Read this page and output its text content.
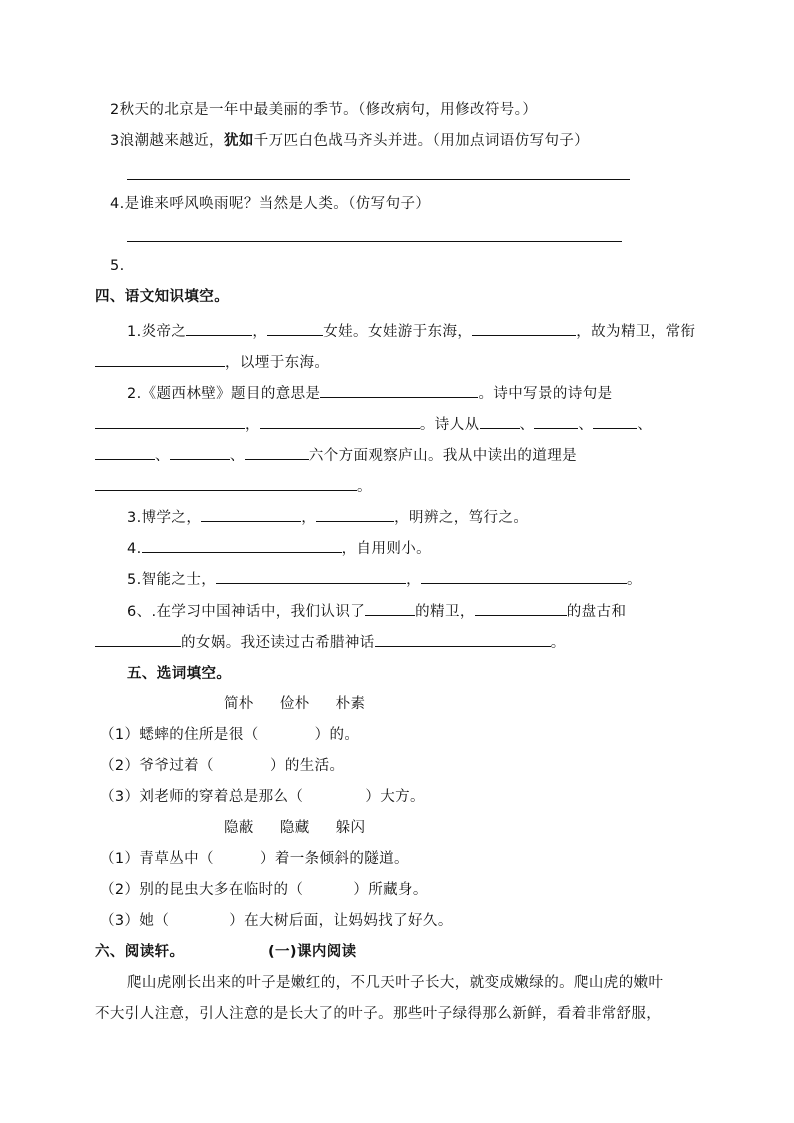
2秋天的北京是一年中最美丽的季节。（修改病句，用修改符号。）
3浪潮越来越近，犹如千万匹白色战马齐头并进。（用加点词语仿写句子）
4.是谁来呼风唤雨呢？当然是人类。（仿写句子）
5.
四、语文知识填空。
1.炎帝之	，	女娃。女娃游于东海，	，故为精卫，常衔
，以堙于东海。
2.《题西林壁》题目的意思是	。诗中写景的诗句是
，	。诗人从	、	、	、
、	、	六个方面观察庐山。我从中读出的道理是
。
3.博学之，	，	，明辨之，笃行之。
4.	，自用则小。
5.智能之士，	，	。
6、.在学习中国神话中，我们认识了	的精卫，	的盘古和
的女娲。我还读过古希腊神话	。
五、选词填空。
简朴 俭朴 朴素
（1）蟋蟀的住所是很（	）的。
（2）爷爷过着（	）的生活。
（3）刘老师的穿着总是那么（	）大方。
隐蔽 隐藏 躲闪
（1）青草丛中（	）着一条倾斜的隧道。
（2）别的昆虫大多在临时的（	）所藏身。
（3）她（	）在大树后面，让妈妈找了好久。
六、阅读轩。	(一)课内阅读
爬山虎刚长出来的叶子是嫩红的，不几天叶子长大，就变成嫩绿的。爬山虎的嫩叶
不大引人注意，引人注意的是长大了的叶子。那些叶子绿得那么新鲜，看着非常舒服，
